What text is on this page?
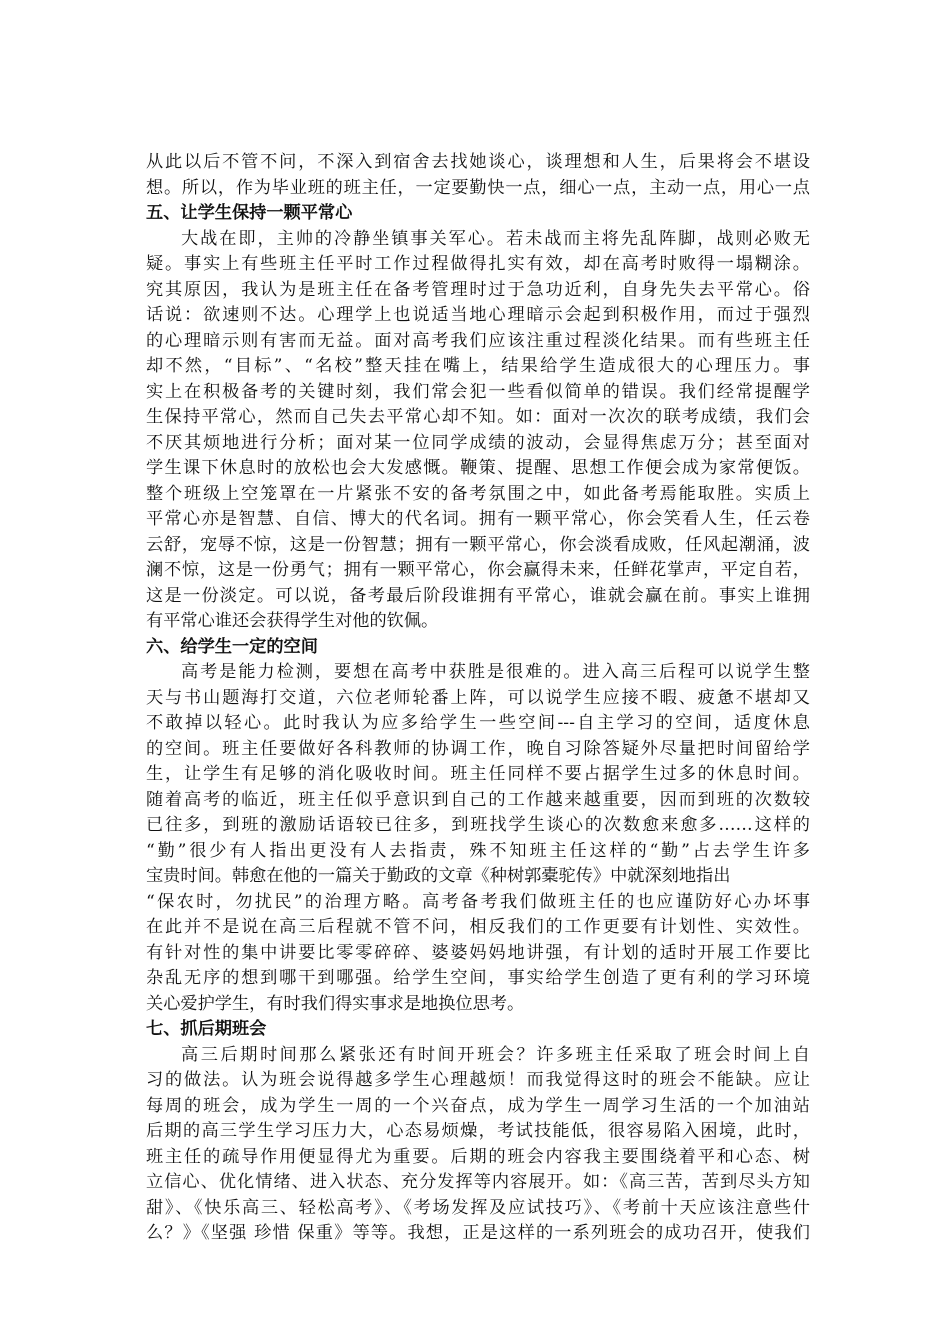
从此以后不管不问，不深入到宿舍去找她谈心，谈理想和人生，后果将会不堪设
想。所以，作为毕业班的班主任，一定要勤快一点，细心一点，主动一点，用心一点
五、让学生保持一颗平常心
大战在即，主帅的冷静坐镇事关军心。若未战而主将先乱阵脚，战则必败无
疑。事实上有些班主任平时工作过程做得扎实有效，却在高考时败得一塌糊涂。
究其原因，我认为是班主任在备考管理时过于急功近利，自身先失去平常心。俗
话说：欲速则不达。心理学上也说适当地心理暗示会起到积极作用，而过于强烈
的心理暗示则有害而无益。面对高考我们应该注重过程淡化结果。而有些班主任
却不然，“目标”、“名校”整天挂在嘴上，结果给学生造成很大的心理压力。事
实上在积极备考的关键时刻，我们常会犯一些看似简单的错误。我们经常提醒学
生保持平常心，然而自己失去平常心却不知。如：面对一次次的联考成绩，我们会
不厌其烦地进行分析；面对某一位同学成绩的波动，会显得焦虑万分；甚至面对
学生课下休息时的放松也会大发感慨。鞭策、提醒、思想工作便会成为家常便饭。
整个班级上空笼罩在一片紧张不安的备考氛围之中，如此备考焉能取胜。实质上
平常心亦是智慧、自信、博大的代名词。拥有一颗平常心，你会笑看人生，任云卷
云舒，宠辱不惊，这是一份智慧；拥有一颗平常心，你会淡看成败，任风起潮涌，波
澜不惊，这是一份勇气；拥有一颗平常心，你会赢得未来，任鲜花掌声，平定自若，
这是一份淡定。可以说，备考最后阶段谁拥有平常心，谁就会赢在前。事实上谁拥
有平常心谁还会获得学生对他的钦佩。
六、给学生一定的空间
高考是能力检测，要想在高考中获胜是很难的。进入高三后程可以说学生整
天与书山题海打交道，六位老师轮番上阵，可以说学生应接不暇、疲惫不堪却又
不敢掉以轻心。此时我认为应多给学生一些空间---自主学习的空间，适度休息
的空间。班主任要做好各科教师的协调工作，晚自习除答疑外尽量把时间留给学
生，让学生有足够的消化吸收时间。班主任同样不要占据学生过多的休息时间。
随着高考的临近，班主任似乎意识到自己的工作越来越重要，因而到班的次数较
已往多，到班的激励话语较已往多，到班找学生谈心的次数愈来愈多……这样的
“勤”很少有人指出更没有人去指责，殊不知班主任这样的“勤”占去学生许多
宝贵时间。韩愈在他的一篇关于勤政的文章《种树郭橐驼传》中就深刻地指出
“保农时，勿扰民”的治理方略。高考备考我们做班主任的也应谨防好心办坏事
在此并不是说在高三后程就不管不问，相反我们的工作更要有计划性、实效性。
有针对性的集中讲要比零零碎碎、婆婆妈妈地讲强，有计划的适时开展工作要比
杂乱无序的想到哪干到哪强。给学生空间，事实给学生创造了更有利的学习环境
关心爱护学生，有时我们得实事求是地换位思考。
七、抓后期班会
高三后期时间那么紧张还有时间开班会？许多班主任采取了班会时间上自
习的做法。认为班会说得越多学生心理越烦！而我觉得这时的班会不能缺。应让
每周的班会，成为学生一周的一个兴奋点，成为学生一周学习生活的一个加油站
后期的高三学生学习压力大，心态易烦燥，考试技能低，很容易陷入困境，此时，
班主任的疏导作用便显得尤为重要。后期的班会内容我主要围绕着平和心态、树
立信心、优化情绪、进入状态、充分发挥等内容展开。如：《高三苦，苦到尽头方知
甜》、《快乐高三、轻松高考》、《考场发挥及应试技巧》、《考前十天应该注意些什
么？》《坚强 珍惜 保重》等等。我想，正是这样的一系列班会的成功召开，使我们
